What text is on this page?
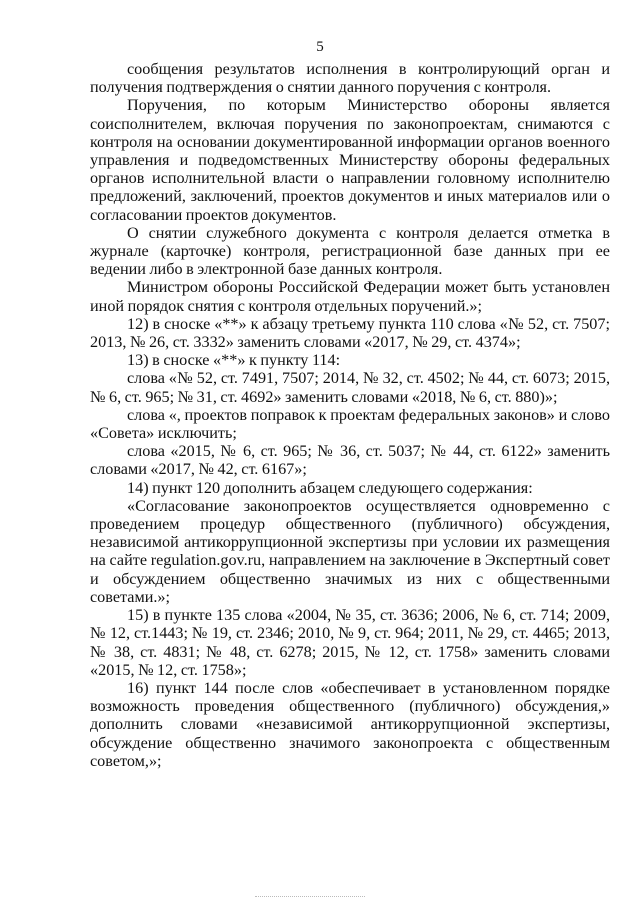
5

сообщения результатов исполнения в контролирующий орган и получения подтверждения о снятии данного поручения с контроля.

Поручения, по которым Министерство обороны является соисполнителем, включая поручения по законопроектам, снимаются с контроля на основании документированной информации органов военного управления и подведомственных Министерству обороны федеральных органов исполнительной власти о направлении головному исполнителю предложений, заключений, проектов документов и иных материалов или о согласовании проектов документов.

О снятии служебного документа с контроля делается отметка в журнале (карточке) контроля, регистрационной базе данных при ее ведении либо в электронной базе данных контроля.

Министром обороны Российской Федерации может быть установлен иной порядок снятия с контроля отдельных поручений.»;

12) в сноске «**» к абзацу третьему пункта 110 слова «№ 52, ст. 7507; 2013, № 26, ст. 3332» заменить словами «2017, № 29, ст. 4374»;

13) в сноске «**» к пункту 114:

слова «№ 52, ст. 7491, 7507; 2014, № 32, ст. 4502; № 44, ст. 6073; 2015, № 6, ст. 965; № 31, ст. 4692» заменить словами «2018, № 6, ст. 880)»;

слова «, проектов поправок к проектам федеральных законов» и слово «Совета» исключить;

слова «2015, № 6, ст. 965; № 36, ст. 5037; № 44, ст. 6122» заменить словами «2017, № 42, ст. 6167»;

14) пункт 120 дополнить абзацем следующего содержания:

«Согласование законопроектов осуществляется одновременно с проведением процедур общественного (публичного) обсуждения, независимой антикоррупционной экспертизы при условии их размещения на сайте regulation.gov.ru, направлением на заключение в Экспертный совет и обсуждением общественно значимых из них с общественными советами.»;

15) в пункте 135 слова «2004, № 35, ст. 3636; 2006, № 6, ст. 714; 2009, № 12, ст.1443; № 19, ст. 2346; 2010, № 9, ст. 964; 2011, № 29, ст. 4465; 2013, № 38, ст. 4831; № 48, ст. 6278; 2015, № 12, ст. 1758» заменить словами «2015, № 12, ст. 1758»;

16) пункт 144 после слов «обеспечивает в установленном порядке возможность проведения общественного (публичного) обсуждения,» дополнить словами «независимой антикоррупционной экспертизы, обсуждение общественно значимого законопроекта с общественным советом,»;
